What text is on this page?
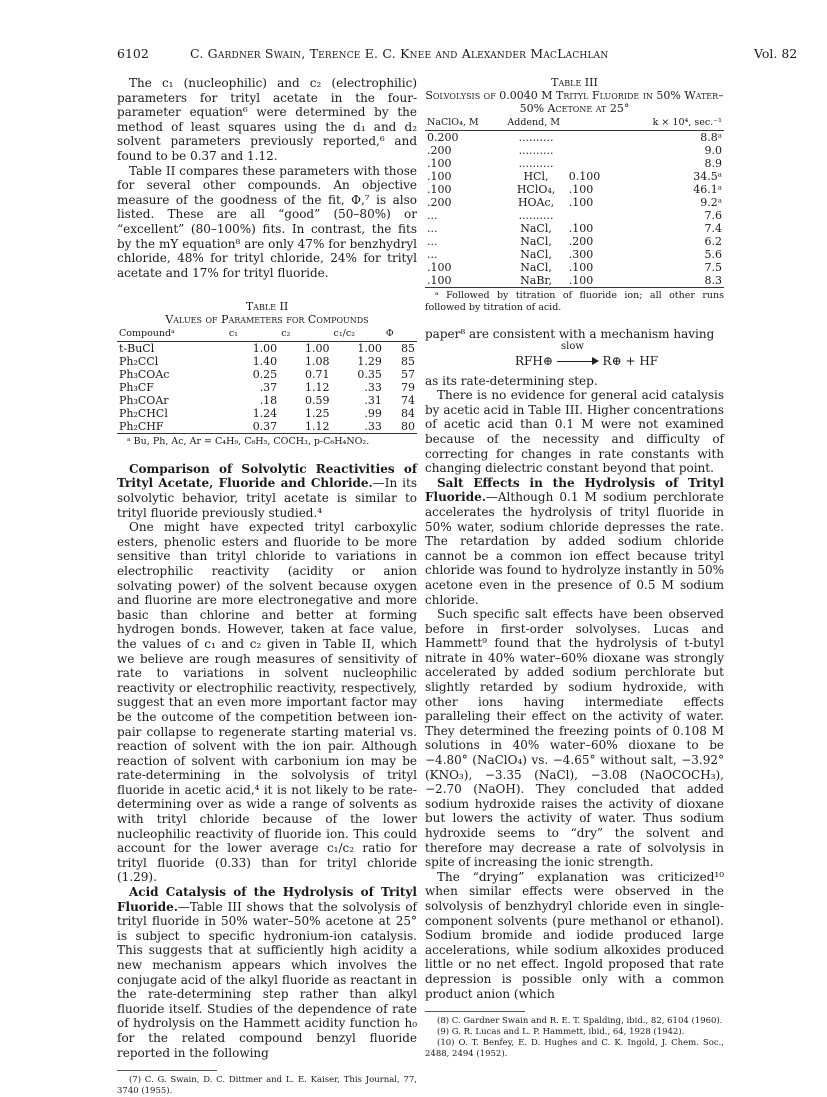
6102	C. Gardner Swain, Terence E. C. Knee and Alexander MacLachlan	Vol. 82

The c₁ (nucleophilic) and c₂ (electrophilic) parameters for trityl acetate in the four-parameter equation⁶ were determined by the method of least squares using the d₁ and d₂ solvent parameters previously reported,⁶ and found to be 0.37 and 1.12.

Table II compares these parameters with those for several other compounds. An objective measure of the goodness of the fit, Φ,⁷ is also listed. These are all “good” (50–80%) or “excellent” (80–100%) fits. In contrast, the fits by the mY equation⁸ are only 47% for benzhydryl chloride, 48% for trityl chloride, 24% for trityl acetate and 17% for trityl fluoride.

Table II
Values of Parameters for Compounds
Compoundᵃ	c₁	c₂	c₁/c₂	Φ
t-BuCl	1.00	1.00	1.00	85
Ph₂CCl	1.40	1.08	1.29	85
Ph₃COAc	0.25	0.71	0.35	57
Ph₃CF	.37	1.12	.33	79
Ph₃COAr	.18	0.59	.31	74
Ph₂CHCl	1.24	1.25	.99	84
Ph₂CHF	0.37	1.12	.33	80
ᵃ Bu, Ph, Ac, Ar = C₄H₉, C₆H₅, COCH₃, p-C₆H₄NO₂.

Comparison of Solvolytic Reactivities of Trityl Acetate, Fluoride and Chloride.—In its solvolytic behavior, trityl acetate is similar to trityl fluoride previously studied.⁴

One might have expected trityl carboxylic esters, phenolic esters and fluoride to be more sensitive than trityl chloride to variations in electrophilic reactivity (acidity or anion solvating power) of the solvent because oxygen and fluorine are more electronegative and more basic than chlorine and better at forming hydrogen bonds. However, taken at face value, the values of c₁ and c₂ given in Table II, which we believe are rough measures of sensitivity of rate to variations in solvent nucleophilic reactivity or electrophilic reactivity, respectively, suggest that an even more important factor may be the outcome of the competition between ion-pair collapse to regenerate starting material vs. reaction of solvent with the ion pair. Although reaction of solvent with carbonium ion may be rate-determining in the solvolysis of trityl fluoride in acetic acid,⁴ it is not likely to be rate-determining over as wide a range of solvents as with trityl chloride because of the lower nucleophilic reactivity of fluoride ion. This could account for the lower average c₁/c₂ ratio for trityl fluoride (0.33) than for trityl chloride (1.29).

Acid Catalysis of the Hydrolysis of Trityl Fluoride.—Table III shows that the solvolysis of trityl fluoride in 50% water–50% acetone at 25° is subject to specific hydronium-ion catalysis. This suggests that at sufficiently high acidity a new mechanism appears which involves the conjugate acid of the alkyl fluoride as reactant in the rate-determining step rather than alkyl fluoride itself. Studies of the dependence of rate of hydrolysis on the Hammett acidity function h₀ for the related compound benzyl fluoride reported in the following

(7) C. G. Swain, D. C. Dittmer and L. E. Kaiser, This Journal, 77, 3740 (1955).

Table III
Solvolysis of 0.0040 M Trityl Fluoride in 50% Water–50% Acetone at 25°
NaClO₄, M	Addend, M		k × 10⁴, sec.⁻¹
0.200	..........		8.8ᵃ
.200	..........		9.0
.100	..........		8.9
.100	HCl,	0.100	34.5ᵃ
.100	HClO₄,	.100	46.1ᵃ
.200	HOAc,	.100	9.2ᵃ
...	..........		7.6
...	NaCl,	.100	7.4
...	NaCl,	.200	6.2
...	NaCl,	.300	5.6
.100	NaCl,	.100	7.5
.100	NaBr,	.100	8.3
ᵃ Followed by titration of fluoride ion; all other runs followed by titration of acid.

paper⁸ are consistent with a mechanism having

slow
RFH⊕	R⊕ + HF

as its rate-determining step.

There is no evidence for general acid catalysis by acetic acid in Table III. Higher concentrations of acetic acid than 0.1 M were not examined because of the necessity and difficulty of correcting for changes in rate constants with changing dielectric constant beyond that point.

Salt Effects in the Hydrolysis of Trityl Fluoride.—Although 0.1 M sodium perchlorate accelerates the hydrolysis of trityl fluoride in 50% water, sodium chloride depresses the rate. The retardation by added sodium chloride cannot be a common ion effect because trityl chloride was found to hydrolyze instantly in 50% acetone even in the presence of 0.5 M sodium chloride.

Such specific salt effects have been observed before in first-order solvolyses. Lucas and Hammett⁹ found that the hydrolysis of t-butyl nitrate in 40% water–60% dioxane was strongly accelerated by added sodium perchlorate but slightly retarded by sodium hydroxide, with other ions having intermediate effects paralleling their effect on the activity of water. They determined the freezing points of 0.108 M solutions in 40% water–60% dioxane to be −4.80° (NaClO₄) vs. −4.65° without salt, −3.92° (KNO₃), −3.35 (NaCl), −3.08 (NaOCOCH₃), −2.70 (NaOH). They concluded that added sodium hydroxide raises the activity of dioxane but lowers the activity of water. Thus sodium hydroxide seems to “dry” the solvent and therefore may decrease a rate of solvolysis in spite of increasing the ionic strength.

The “drying” explanation was criticized¹⁰ when similar effects were observed in the solvolysis of benzhydryl chloride even in single-component solvents (pure methanol or ethanol). Sodium bromide and iodide produced large accelerations, while sodium alkoxides produced little or no net effect. Ingold proposed that rate depression is possible only with a common product anion (which

(8) C. Gardner Swain and R. E. T. Spalding, ibid., 82, 6104 (1960).

(9) G. R. Lucas and L. P. Hammett, ibid., 64, 1928 (1942).

(10) O. T. Benfey, E. D. Hughes and C. K. Ingold, J. Chem. Soc., 2488, 2494 (1952).
